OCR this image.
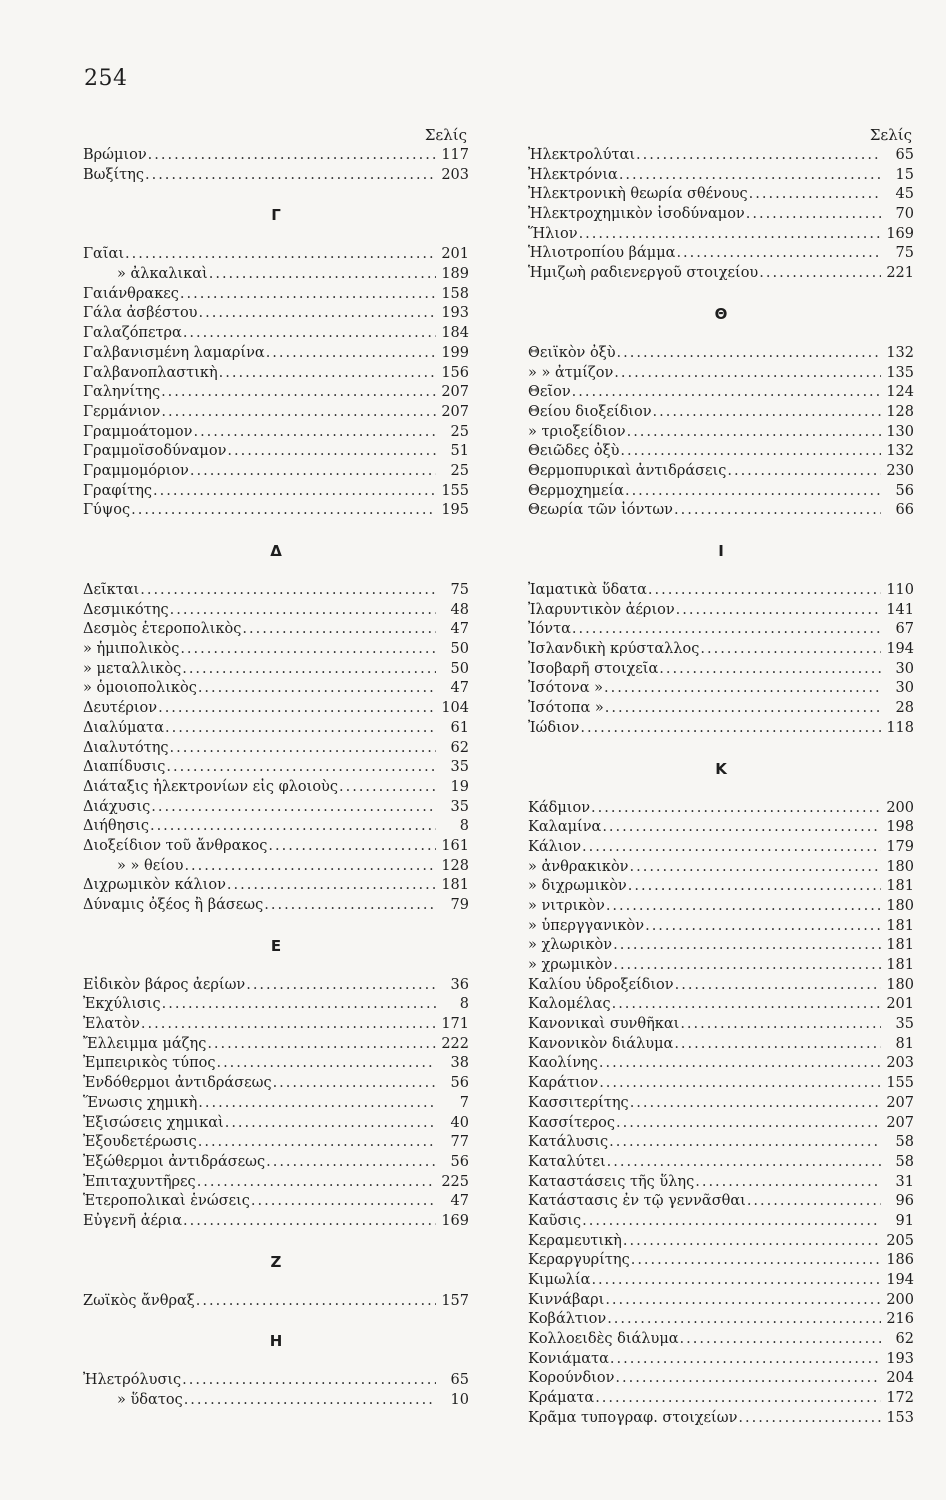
254
Σελίς
Βρώμιον .....	117
Βωξίτης .....	203
Γ
Γαῖαι .....	201
» ἀλκαλικαὶ .....	189
Γαιάνθρακες .....	158
Γάλα ἀσβέστου .....	193
Γαλαζόπετρα .....	184
Γαλβανισμένη λαμαρίνα .....	199
Γαλβανοπλαστικὴ .....	156
Γαληνίτης .....	207
Γερμάνιον .....	207
Γραμμοάτομον .....	25
Γραμμοϊσοδύναμον .....	51
Γραμμομόριον .....	25
Γραφίτης .....	155
Γύψος .....	195
Δ
Δεῖκται .....	75
Δεσμικότης .....	48
Δεσμὸς ἑτεροπολικὸς .....	47
» ἡμιπολικὸς .....	50
» μεταλλικὸς .....	50
» ὁμοιοπολικὸς .....	47
Δευτέριον .....	104
Διαλύματα .....	61
Διαλυτότης .....	62
Διαπίδυσις .....	35
Διάταξις ἠλεκτρονίων εἰς φλοιοὺς .....	19
Διάχυσις .....	35
Διήθησις .....	8
Διοξείδιον τοῦ ἄνθρακος .....	161
» » θείου .....	128
Διχρωμικὸν κάλιον .....	181
Δύναμις ὀξέος ἢ βάσεως .....	79
Ε
Εἰδικὸν βάρος ἀερίων .....	36
Ἐκχύλισις .....	8
Ἐλατὸν .....	171
Ἔλλειμμα μάζης .....	222
Ἐμπειρικὸς τύπος .....	38
Ἐνδόθερμοι ἀντιδράσεως .....	56
Ἕνωσις χημικὴ .....	7
Ἐξισώσεις χημικαὶ .....	40
Ἐξουδετέρωσις .....	77
Ἐξώθερμοι ἀντιδράσεως .....	56
Ἐπιταχυντῆρες .....	225
Ἑτεροπολικαὶ ἑνώσεις .....	47
Εὐγενῆ ἀέρια .....	169
Ζ
Ζωϊκὸς ἄνθραξ .....	157
Η
Ἠλετρόλυσις .....	65
» ὕδατος .....	10
Σελίς
Ἠλεκτρολύται .....	65
Ἠλεκτρόνια .....	15
Ἠλεκτρονικὴ θεωρία σθένους .....	45
Ἠλεκτροχημικὸν ἰσοδύναμον .....	70
Ἥλιον .....	169
Ἡλιοτροπίου βάμμα .....	75
Ἡμιζωὴ ραδιενεργοῦ στοιχείου .....	221
Θ
Θειϊκὸν ὀξὺ .....	132
» » ἀτμίζον .....	135
Θεῖον .....	124
Θείου διοξείδιον .....	128
» τριοξείδιον .....	130
Θειῶδες ὀξὺ .....	132
Θερμοπυρικαὶ ἀντιδράσεις .....	230
Θερμοχημεία .....	56
Θεωρία τῶν ἰόντων .....	66
Ι
Ἰαματικὰ ὕδατα .....	110
Ἰλαρυντικὸν ἀέριον .....	141
Ἰόντα .....	67
Ἰσλανδικὴ κρύσταλλος .....	194
Ἰσοβαρῆ στοιχεῖα .....	30
Ἰσότονα » .....	30
Ἰσότοπα » .....	28
Ἰώδιον .....	118
Κ
Κάδμιον .....	200
Καλαμίνα .....	198
Κάλιον .....	179
» ἀνθρακικὸν .....	180
» διχρωμικὸν .....	181
» νιτρικὸν .....	180
» ὑπεργγανικὸν .....	181
» χλωρικὸν .....	181
» χρωμικὸν .....	181
Καλίου ὑδροξείδιον .....	180
Καλομέλας .....	201
Κανονικαὶ συνθῆκαι .....	35
Κανονικὸν διάλυμα .....	81
Καολίνης .....	203
Καράτιον .....	155
Κασσιτερίτης .....	207
Κασσίτερος .....	207
Κατάλυσις .....	58
Καταλύτει .....	58
Καταστάσεις τῆς ὕλης .....	31
Κατάστασις ἐν τῷ γεννᾶσθαι .....	96
Καῦσις .....	91
Κεραμευτικὴ .....	205
Κεραργυρίτης .....	186
Κιμωλία .....	194
Κιννάβαρι .....	200
Κοβάλτιον .....	216
Κολλοειδὲς διάλυμα .....	62
Κονιάματα .....	193
Κορούνδιον .....	204
Κράματα .....	172
Κρᾶμα τυπογραφ. στοιχείων .....	153
